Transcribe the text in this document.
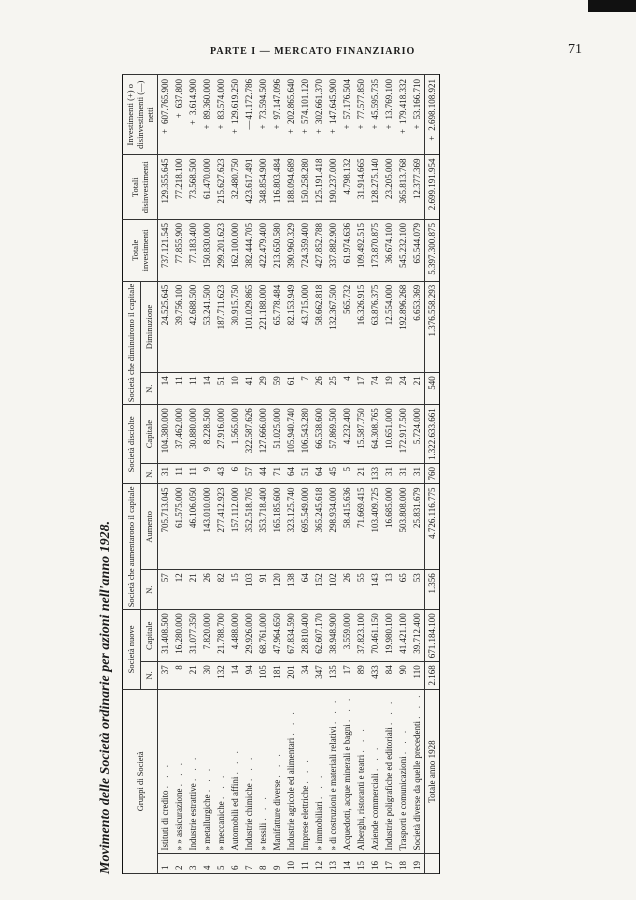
PARTE I — MERCATO FINANZIARIO	71
Movimento delle Società ordinarie per azioni nell'anno 1928.	Gruppi di Società		Società nuove		Società che aumentarono il capitale		Società disciolte		Società che diminuirono il capitale		Totale investimenti	Totali disinvestimenti	Investimenti (+) o disinvestimenti (—) netti
		N.	Capitale	N.	Aumento	N.	Capitale	N.	Diminuzione			
1	Istituti di credito . . .	37	31.408.500	57	705.713.045	31	104.380.000	14	24.525.645	737.121.545	129.355.645	+607.765.900
2	» » assicurazione . . .	8	16.280.000	12	61.575.000	11	37.462.000	11	39.756.100	77.855.900	77.218.100	+637.800
3	Industrie estrattive . . .	21	31.077.350	21	46.106.050	11	30.880.000	11	42.688.500	77.183.400	73.568.500	+3.614.900
4	» metallurgiche . . .	30	7.820.000	26	143.010.000	9	8.228.500	14	53.241.500	150.830.000	61.470.000	+89.360.000
5	» meccaniche . . .	132	21.788.700	82	277.412.923	43	27.916.000	51	187.711.623	299.201.623	215.627.623	+83.574.000
6	Automobili ed affini . . .	14	4.488.000	15	157.112.000	6	1.565.000	10	30.915.750	162.100.000	32.480.750	+129.619.250
7	Industrie chimiche . . .	94	29.926.000	103	352.518.705	57	322.587.626	41	101.029.865	382.444.705	423.617.491	—41.172.786
8	» tessili . . .	105	68.761.000	91	353.718.400	44	127.666.000	29	221.188.000	422.479.400	348.854.900	+73.594.500
9	Manifatture diverse . . .	181	47.964.650	120	165.185.600	71	51.025.000	59	65.778.484	213.650.580	116.803.484	+97.147.096
10	Industrie agricole ed alimentari . . .	201	67.834.590	138	323.125.740	64	105.940.740	61	82.153.949	390.960.329	188.094.689	+202.865.640
11	Imprese elettriche . . .	34	28.810.400	64	695.549.000	51	106.543.280	7	43.715.000	724.359.400	150.258.280	+574.101.120
12	» immobiliari . . .	347	62.607.170	152	365.245.618	64	66.538.600	26	58.662.818	427.852.788	125.191.418	+302.661.370
13	» di costruzioni e materiali relativi . . .	135	38.948.900	102	298.934.000	45	57.869.500	25	132.367.500	337.882.900	190.237.000	+147.645.900
14	Acquedotti, acque minerali e bagni . . .	17	3.559.000	26	58.415.636	5	4.232.400	4	565.732	61.974.636	4.798.132	+57.176.504
15	Alberghi, ristoranti e teatri . . .	89	37.823.100	55	71.669.415	21	15.587.750	17	16.326.915	109.492.515	31.914.665	+77.577.850
16	Aziende commerciali . . .	433	70.461.150	143	103.409.725	133	64.308.765	74	63.876.375	173.870.875	128.275.140	+45.595.735
17	Industrie poligrafiche ed editoriali . . .	84	19.980.100	13	16.685.000	31	10.651.000	19	12.554.000	36.674.100	23.205.000	+13.769.100
18	Trasporti e comunicazioni . . .	90	41.421.100	65	503.808.000	31	172.917.500	24	192.896.268	545.232.100	365.813.768	+179.418.332
19	Società diverse da quelle precedenti . . .	110	39.712.400	53	25.831.679	31	5.724.000	21	6.653.369	65.544.079	12.377.369	+53.166.710
	Totale anno 1928	2.168	671.184.100	1.356	4.726.116.775	760	1.322.633.661	540	1.376.558.293	5.397.300.875	2.699.191.954	+2.698.108.921
